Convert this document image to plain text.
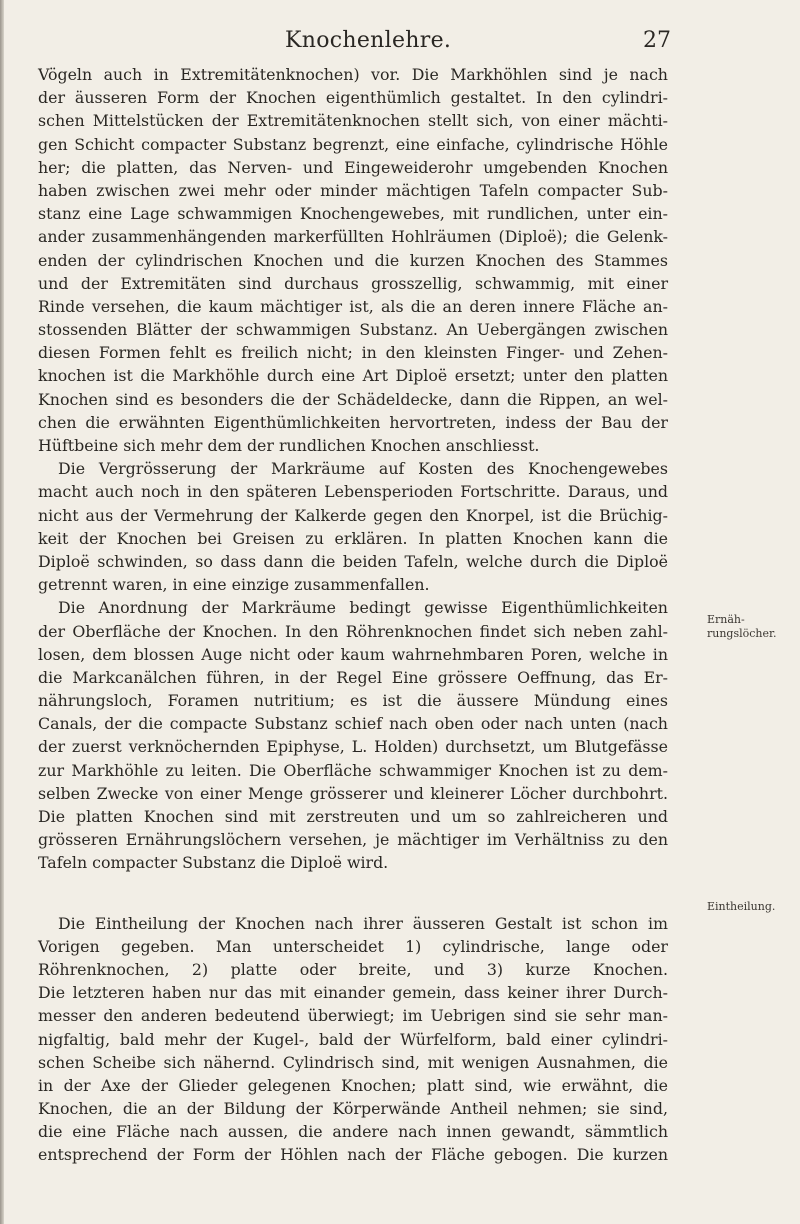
Knochenlehre.	27
Vögeln auch in Extremitätenknochen) vor. Die Markhöhlen sind je nach
der äusseren Form der Knochen eigenthümlich gestaltet. In den cylindri-
schen Mittelstücken der Extremitätenknochen stellt sich, von einer mächti-
gen Schicht compacter Substanz begrenzt, eine einfache, cylindrische Höhle
her; die platten, das Nerven- und Eingeweiderohr umgebenden Knochen
haben zwischen zwei mehr oder minder mächtigen Tafeln compacter Sub-
stanz eine Lage schwammigen Knochengewebes, mit rundlichen, unter ein-
ander zusammenhängenden markerfüllten Hohlräumen (Diploë); die Gelenk-
enden der cylindrischen Knochen und die kurzen Knochen des Stammes
und der Extremitäten sind durchaus grosszellig, schwammig, mit einer
Rinde versehen, die kaum mächtiger ist, als die an deren innere Fläche an-
stossenden Blätter der schwammigen Substanz. An Uebergängen zwischen
diesen Formen fehlt es freilich nicht; in den kleinsten Finger- und Zehen-
knochen ist die Markhöhle durch eine Art Diploë ersetzt; unter den platten
Knochen sind es besonders die der Schädeldecke, dann die Rippen, an wel-
chen die erwähnten Eigenthümlichkeiten hervortreten, indess der Bau der
Hüftbeine sich mehr dem der rundlichen Knochen anschliesst.
Die Vergrösserung der Markräume auf Kosten des Knochengewebes
macht auch noch in den späteren Lebensperioden Fortschritte. Daraus, und
nicht aus der Vermehrung der Kalkerde gegen den Knorpel, ist die Brüchig-
keit der Knochen bei Greisen zu erklären. In platten Knochen kann die
Diploë schwinden, so dass dann die beiden Tafeln, welche durch die Diploë
getrennt waren, in eine einzige zusammenfallen.
Die Anordnung der Markräume bedingt gewisse Eigenthümlichkeiten
der Oberfläche der Knochen. In den Röhrenknochen findet sich neben zahl-
losen, dem blossen Auge nicht oder kaum wahrnehmbaren Poren, welche in
die Markcanälchen führen, in der Regel Eine grössere Oeffnung, das Er-
nährungsloch, Foramen nutritium; es ist die äussere Mündung eines
Canals, der die compacte Substanz schief nach oben oder nach unten (nach
der zuerst verknöchernden Epiphyse, L. Holden) durchsetzt, um Blutgefässe
zur Markhöhle zu leiten. Die Oberfläche schwammiger Knochen ist zu dem-
selben Zwecke von einer Menge grösserer und kleinerer Löcher durchbohrt.
Die platten Knochen sind mit zerstreuten und um so zahlreicheren und
grösseren Ernährungslöchern versehen, je mächtiger im Verhältniss zu den
Tafeln compacter Substanz die Diploë wird.
Die Eintheilung der Knochen nach ihrer äusseren Gestalt ist schon im
Vorigen gegeben. Man unterscheidet 1) cylindrische, lange oder
Röhrenknochen, 2) platte oder breite, und 3) kurze Knochen.
Die letzteren haben nur das mit einander gemein, dass keiner ihrer Durch-
messer den anderen bedeutend überwiegt; im Uebrigen sind sie sehr man-
nigfaltig, bald mehr der Kugel-, bald der Würfelform, bald einer cylindri-
schen Scheibe sich nähernd. Cylindrisch sind, mit wenigen Ausnahmen, die
in der Axe der Glieder gelegenen Knochen; platt sind, wie erwähnt, die
Knochen, die an der Bildung der Körperwände Antheil nehmen; sie sind,
die eine Fläche nach aussen, die andere nach innen gewandt, sämmtlich
entsprechend der Form der Höhlen nach der Fläche gebogen. Die kurzen
Ernäh-
rungslöcher.
Eintheilung.
